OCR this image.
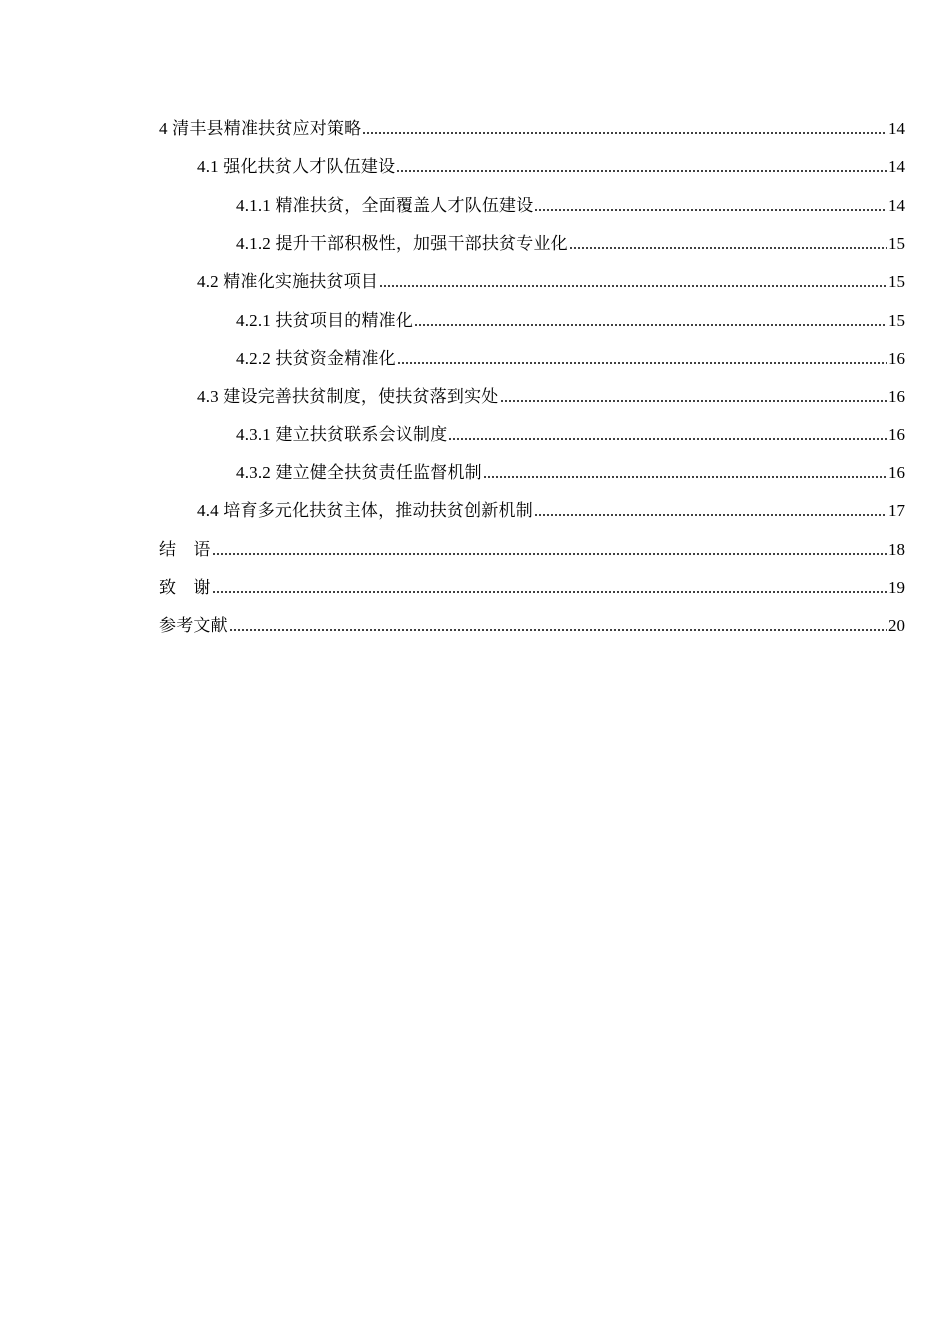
4 清丰县精准扶贫应对策略	14
4.1 强化扶贫人才队伍建设	14
4.1.1 精准扶贫，全面覆盖人才队伍建设	14
4.1.2 提升干部积极性，加强干部扶贫专业化	15
4.2 精准化实施扶贫项目	15
4.2.1 扶贫项目的精准化	15
4.2.2 扶贫资金精准化	16
4.3 建设完善扶贫制度，使扶贫落到实处	16
4.3.1 建立扶贫联系会议制度	16
4.3.2 建立健全扶贫责任监督机制	16
4.4 培育多元化扶贫主体，推动扶贫创新机制	17
结　语	18
致　谢	19
参考文献	20
